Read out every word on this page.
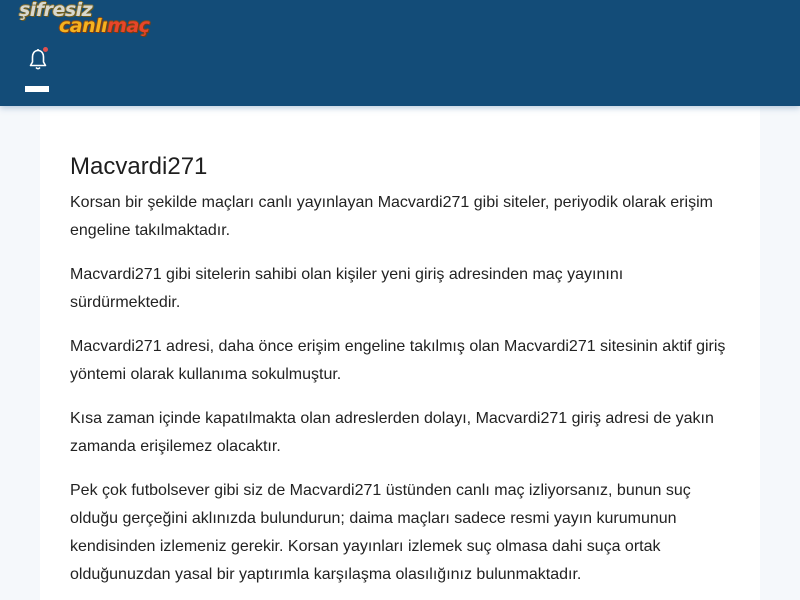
şifresiz
canlımaç
Macvardi271

Korsan bir şekilde maçları canlı yayınlayan Macvardi271 gibi siteler, periyodik olarak erişim engeline takılmaktadır.

Macvardi271 gibi sitelerin sahibi olan kişiler yeni giriş adresinden maç yayınını sürdürmektedir.

Macvardi271 adresi, daha önce erişim engeline takılmış olan Macvardi271 sitesinin aktif giriş yöntemi olarak kullanıma sokulmuştur.

Kısa zaman içinde kapatılmakta olan adreslerden dolayı, Macvardi271 giriş adresi de yakın zamanda erişilemez olacaktır.

Pek çok futbolsever gibi siz de Macvardi271 üstünden canlı maç izliyorsanız, bunun suç olduğu gerçeğini aklınızda bulundurun; daima maçları sadece resmi yayın kurumunun kendisinden izlemeniz gerekir. Korsan yayınları izlemek suç olmasa dahi suça ortak olduğunuzdan yasal bir yaptırımla karşılaşma olasılığınız bulunmaktadır.
